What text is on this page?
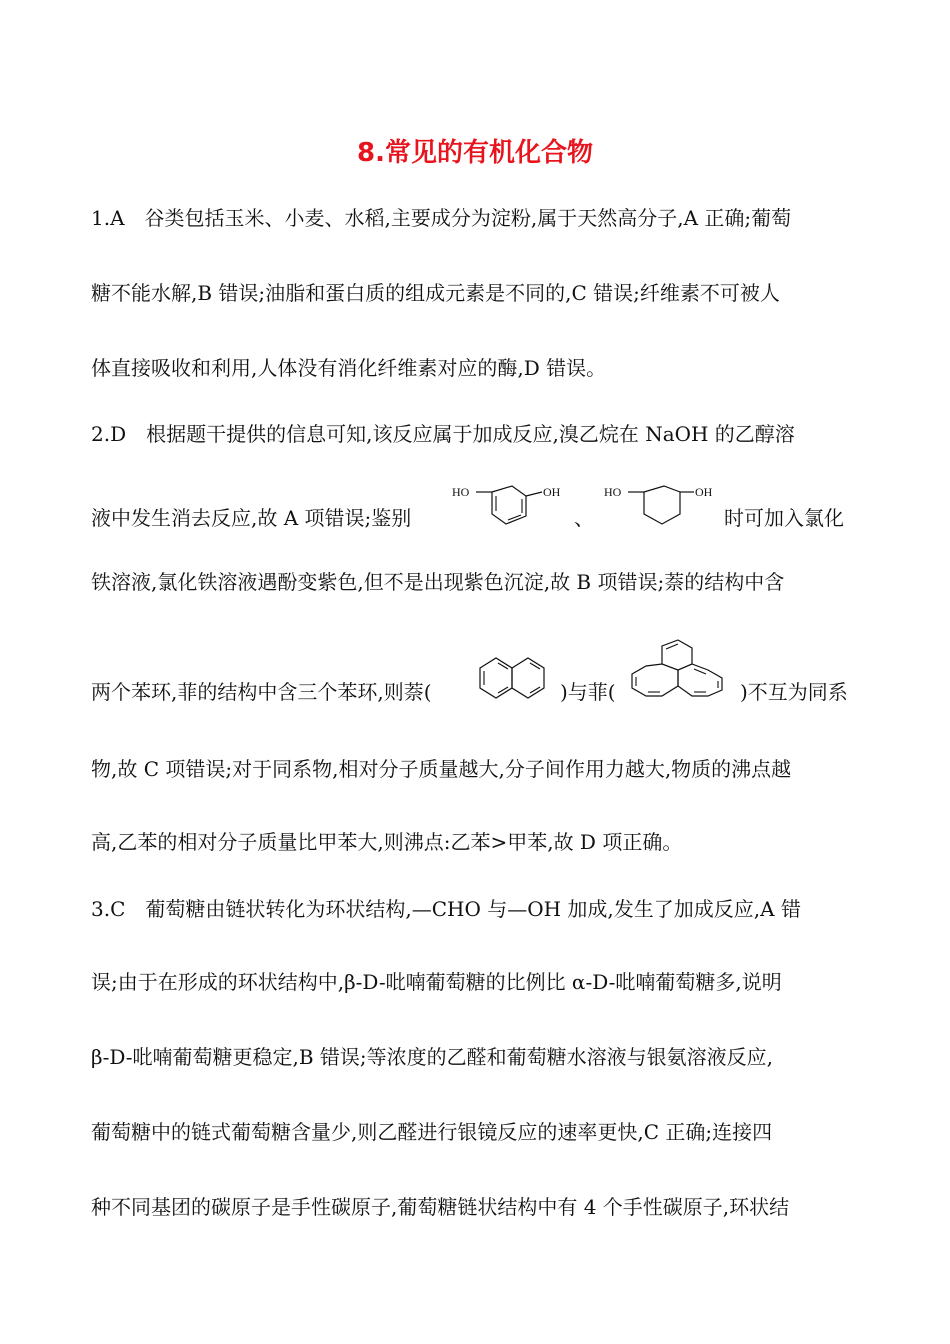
8.常见的有机化合物
1.A　谷类包括玉米、小麦、水稻,主要成分为淀粉,属于天然高分子,A 正确;葡萄
糖不能水解,B 错误;油脂和蛋白质的组成元素是不同的,C 错误;纤维素不可被人
体直接吸收和利用,人体没有消化纤维素对应的酶,D 错误。
2.D　根据题干提供的信息可知,该反应属于加成反应,溴乙烷在 NaOH 的乙醇溶
液中发生消去反应,故 A 项错误;鉴别
HO	OH
、
HO	OH
时可加入氯化
铁溶液,氯化铁溶液遇酚变紫色,但不是出现紫色沉淀,故 B 项错误;萘的结构中含
两个苯环,菲的结构中含三个苯环,则萘(	)与菲(	)不互为同系
物,故 C 项错误;对于同系物,相对分子质量越大,分子间作用力越大,物质的沸点越
高,乙苯的相对分子质量比甲苯大,则沸点:乙苯>甲苯,故 D 项正确。
3.C　葡萄糖由链状转化为环状结构,—CHO 与—OH 加成,发生了加成反应,A 错
误;由于在形成的环状结构中,β-D-吡喃葡萄糖的比例比 α-D-吡喃葡萄糖多,说明
β-D-吡喃葡萄糖更稳定,B 错误;等浓度的乙醛和葡萄糖水溶液与银氨溶液反应,
葡萄糖中的链式葡萄糖含量少,则乙醛进行银镜反应的速率更快,C 正确;连接四
种不同基团的碳原子是手性碳原子,葡萄糖链状结构中有 4 个手性碳原子,环状结
